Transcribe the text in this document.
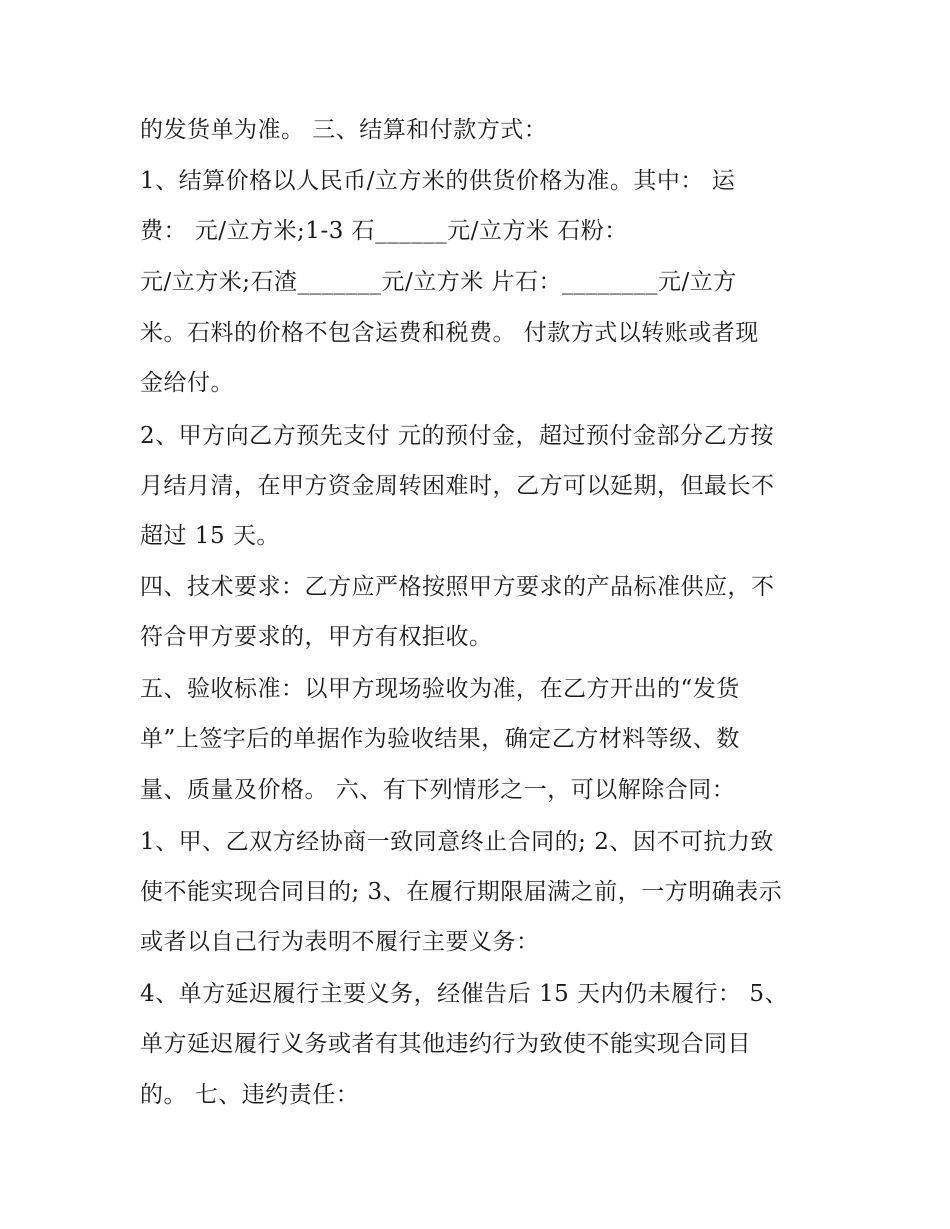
的发货单为准。 三、结算和付款方式：

1、结算价格以人民币/立方米的供货价格为准。其中： 运

费： 元/立方米;1-3 石______元/立方米 石粉：

元/立方米;石渣_______元/立方米 片石：________元/立方

米。石料的价格不包含运费和税费。 付款方式以转账或者现

金给付。

2、甲方向乙方预先支付 元的预付金，超过预付金部分乙方按

月结月清，在甲方资金周转困难时，乙方可以延期，但最长不

超过 15 天。

四、技术要求：乙方应严格按照甲方要求的产品标准供应，不

符合甲方要求的，甲方有权拒收。

五、验收标准：以甲方现场验收为准，在乙方开出的“发货

单”上签字后的单据作为验收结果，确定乙方材料等级、数

量、质量及价格。 六、有下列情形之一，可以解除合同：

1、甲、乙双方经协商一致同意终止合同的; 2、因不可抗力致

使不能实现合同目的; 3、在履行期限届满之前，一方明确表示

或者以自己行为表明不履行主要义务：

4、单方延迟履行主要义务，经催告后 15 天内仍未履行： 5、

单方延迟履行义务或者有其他违约行为致使不能实现合同目

的。 七、违约责任：
